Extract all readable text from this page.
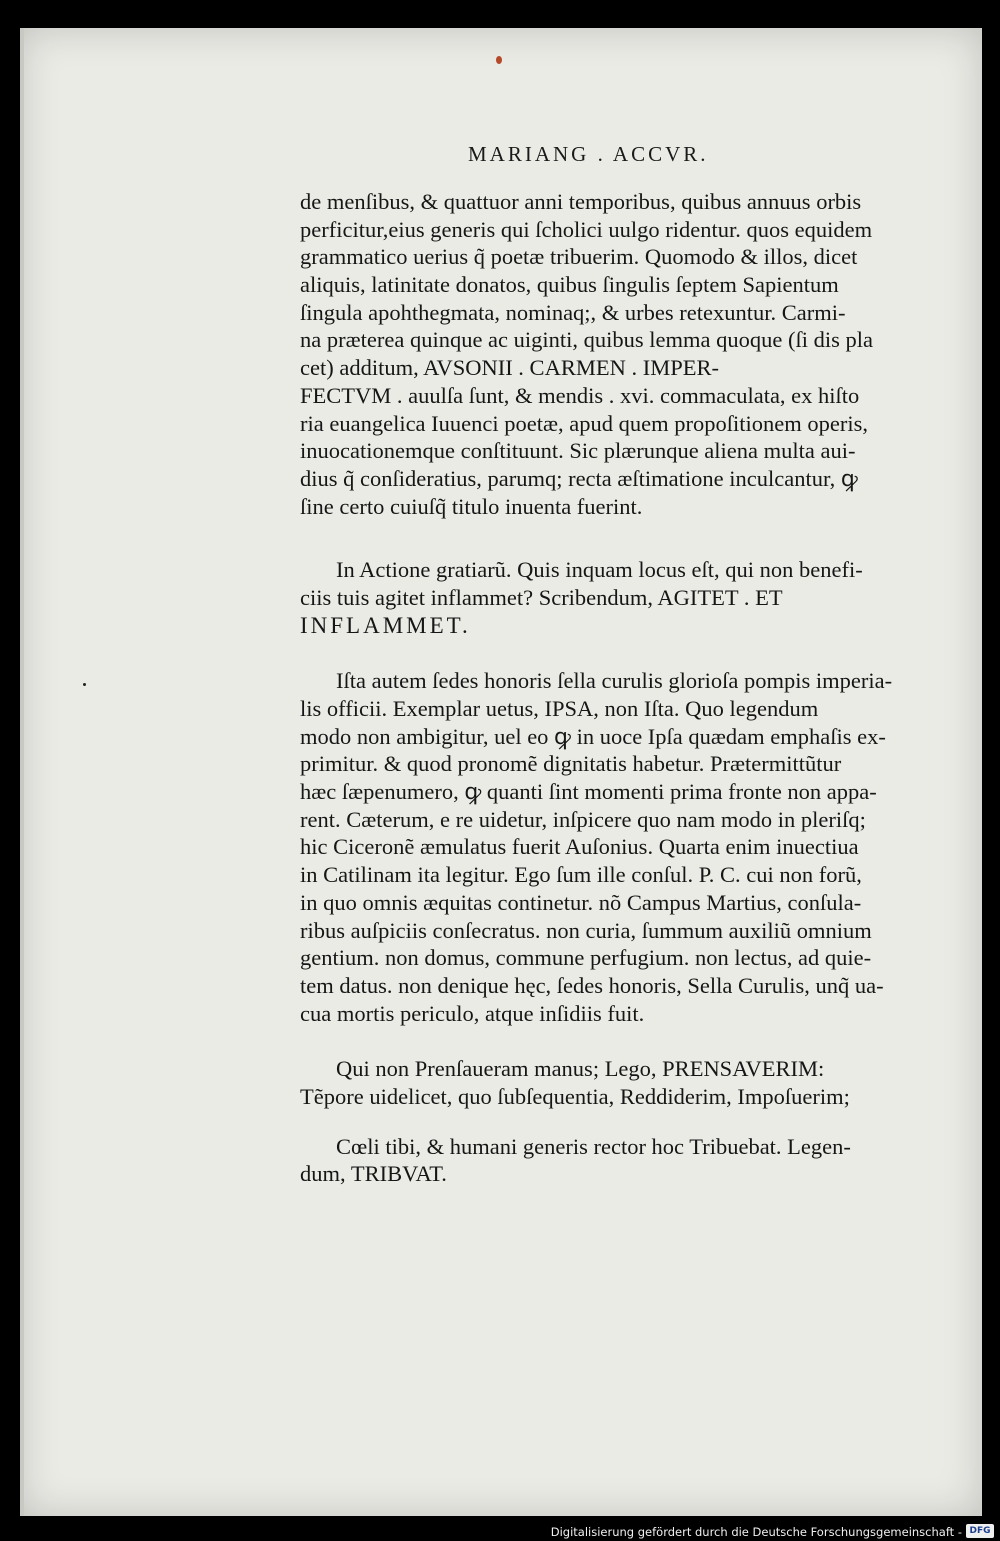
MARIANG . ACCVR.
de menſibus, & quattuor anni temporibus, quibus annuus orbis
perficitur,eius generis qui ſcholici uulgo ridentur. quos equidem
grammatico uerius q̃ poetæ tribuerim. Quomodo & illos, dicet
aliquis, latinitate donatos, quibus ſingulis ſeptem Sapientum
ſingula apohthegmata, nominaq;, & urbes retexuntur. Carmi-
na præterea quinque ac uiginti, quibus lemma quoque (ſi dis pla
cet) additum, AVSONII . CARMEN . IMPER-
FECTVM . auulſa ſunt, & mendis . xvi. commaculata, ex hiſto
ria euangelica Iuuenci poetæ, apud quem propoſitionem operis,
inuocationemque conſtituunt. Sic plærunque aliena multa aui-
dius q̃ conſideratius, parumq; recta æſtimatione inculcantur, ꝙ
ſine certo cuiuſq̃ titulo inuenta fuerint.
In Actione gratiarũ. Quis inquam locus eſt, qui non benefi-
ciis tuis agitet inflammet? Scribendum, AGITET . ET
INFLAMMET.
Iſta autem ſedes honoris ſella curulis glorioſa pompis imperia-
lis officii. Exemplar uetus, IPSA, non Iſta. Quo legendum
modo non ambigitur, uel eo ꝙ in uoce Ipſa quædam emphaſis ex-
primitur. & quod pronomẽ dignitatis habetur. Prætermittũtur
hæc ſæpenumero, ꝙ quanti ſint momenti prima fronte non appa-
rent. Cæterum, e re uidetur, inſpicere quo nam modo in pleriſq;
hic Ciceronẽ æmulatus fuerit Auſonius. Quarta enim inuectiua
in Catilinam ita legitur. Ego ſum ille conſul. P. C. cui non forũ,
in quo omnis æquitas continetur. nõ Campus Martius, conſula-
ribus auſpiciis conſecratus. non curia, ſummum auxiliũ omnium
gentium. non domus, commune perfugium. non lectus, ad quie-
tem datus. non denique hęc, ſedes honoris, Sella Curulis, unq̃ ua-
cua mortis periculo, atque inſidiis fuit.
Qui non Prenſaueram manus; Lego, PRENSAVERIM:
Tẽpore uidelicet, quo ſubſequentia, Reddiderim, Impoſuerim;
Cœli tibi, & humani generis rector hoc Tribuebat. Legen-
dum, TRIBVAT.
Digitalisierung gefördert durch die Deutsche Forschungsgemeinschaft - DFG
